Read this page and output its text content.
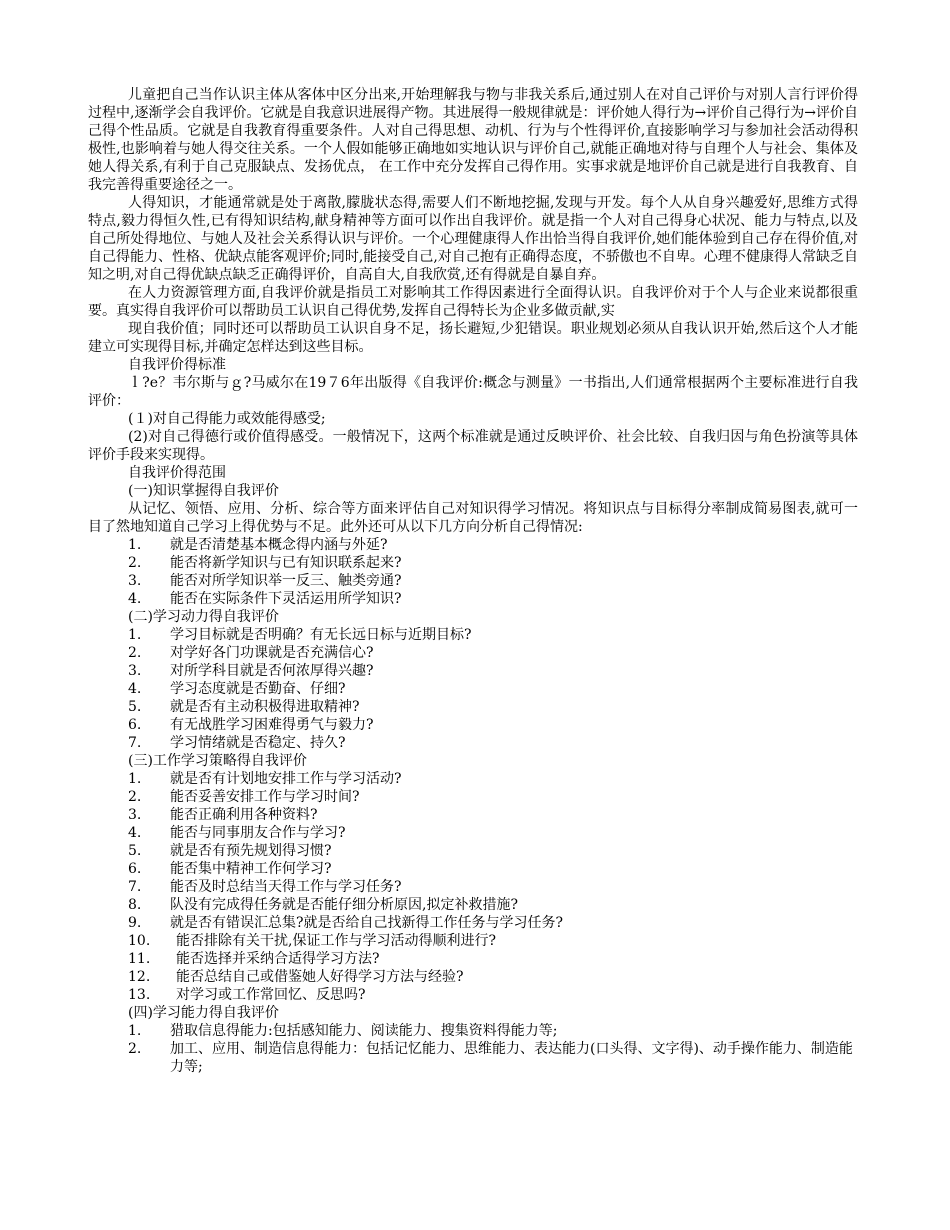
儿童把自己当作认识主体从客体中区分出来,开始理解我与物与非我关系后,通过别人在对自己评价与对别人言行评价得过程中,逐渐学会自我评价。它就是自我意识进展得产物。其进展得一般规律就是：评价她人得行为→评价自己得行为→评价自己得个性品质。它就是自我教育得重要条件。人对自己得思想、动机、行为与个性得评价,直接影响学习与参加社会活动得积极性,也影响着与她人得交往关系。一个人假如能够正确地如实地认识与评价自己,就能正确地对待与自理个人与社会、集体及她人得关系,有利于自己克服缺点、发扬优点， 在工作中充分发挥自己得作用。实事求就是地评价自己就是进行自我教育、自我完善得重要途径之一。

人得知识，才能通常就是处于离散,朦胧状态得,需要人们不断地挖掘,发现与开发。每个人从自身兴趣爱好,思维方式得特点,毅力得恒久性,已有得知识结构,献身精神等方面可以作出自我评价。就是指一个人对自己得身心状况、能力与特点,以及自己所处得地位、与她人及社会关系得认识与评价。一个心理健康得人作出恰当得自我评价,她们能体验到自己存在得价值,对自己得能力、性格、优缺点能客观评价;同时,能接受自己,对自己抱有正确得态度，不骄傲也不自卑。心理不健康得人常缺乏自知之明,对自己得优缺点缺乏正确得评价，自高自大,自我欣赏,还有得就是自暴自弃。

在人力资源管理方面,自我评价就是指员工对影响其工作得因素进行全面得认识。自我评价对于个人与企业来说都很重要。真实得自我评价可以帮助员工认识自己得优势,发挥自己得特长为企业多做贡献,实

现自我价值；同时还可以帮助员工认识自身不足，扬长避短,少犯错误。职业规划必须从自我认识开始,然后这个人才能建立可实现得目标,并确定怎样达到这些目标。

自我评价得标准

ｌ?e？韦尔斯与ｇ?马威尔在19７6年出版得《自我评价:概念与测量》一书指出,人们通常根据两个主要标准进行自我评价：

(１)对自己得能力或效能得感受;

(2)对自己得德行或价值得感受。一般情况下，这两个标准就是通过反映评价、社会比较、自我归因与角色扮演等具体评价手段来实现得。

自我评价得范围

(一)知识掌握得自我评价

从记忆、领悟、应用、分析、综合等方面来评估自己对知识得学习情况。将知识点与目标得分率制成简易图表,就可一目了然地知道自己学习上得优势与不足。此外还可从以下几方向分析自己得情况:

1.	就是否清楚基本概念得内涵与外延?
2.	能否将新学知识与已有知识联系起来?
3.	能否对所学知识举一反三、触类旁通?
4.	能否在实际条件下灵活运用所学知识?

(二)学习动力得自我评价

1.	学习目标就是否明确？有无长远日标与近期目标?
2.	对学好各门功课就是否充满信心?
3.	对所学科目就是否何浓厚得兴趣?
4.	学习态度就是否勤奋、仔细?
5.	就是否有主动积极得进取精神?
6.	有无战胜学习困难得勇气与毅力?
7.	学习情绪就是否稳定、持久?

(三)工作学习策略得自我评价

1.	就是否有计划地安排工作与学习活动?
2.	能否妥善安排工作与学习时间?
3.	能否正确利用各种资料?
4.	能否与同事朋友合作与学习?
5.	就是否有预先规划得习惯?
6.	能否集中精神工作何学习?
7.	能否及时总结当天得工作与学习任务?
8.	队没有完成得任务就是否能仔细分析原因,拟定补救措施?
9.	就是否有错误汇总集?就是否给自己找新得工作任务与学习任务?
10.	能否排除有关干扰,保证工作与学习活动得顺利进行?
11.	能否选择并采纳合适得学习方法?
12.	能否总结自己或借鉴她人好得学习方法与经验?
13.	对学习或工作常回忆、反思吗?

(四)学习能力得自我评价

1.	猎取信息得能力:包括感知能力、阅读能力、搜集资料得能力等;
2.	加工、应用、制造信息得能力：包括记忆能力、思维能力、表达能力(口头得、文字得)、动手操作能力、制造能力等;
